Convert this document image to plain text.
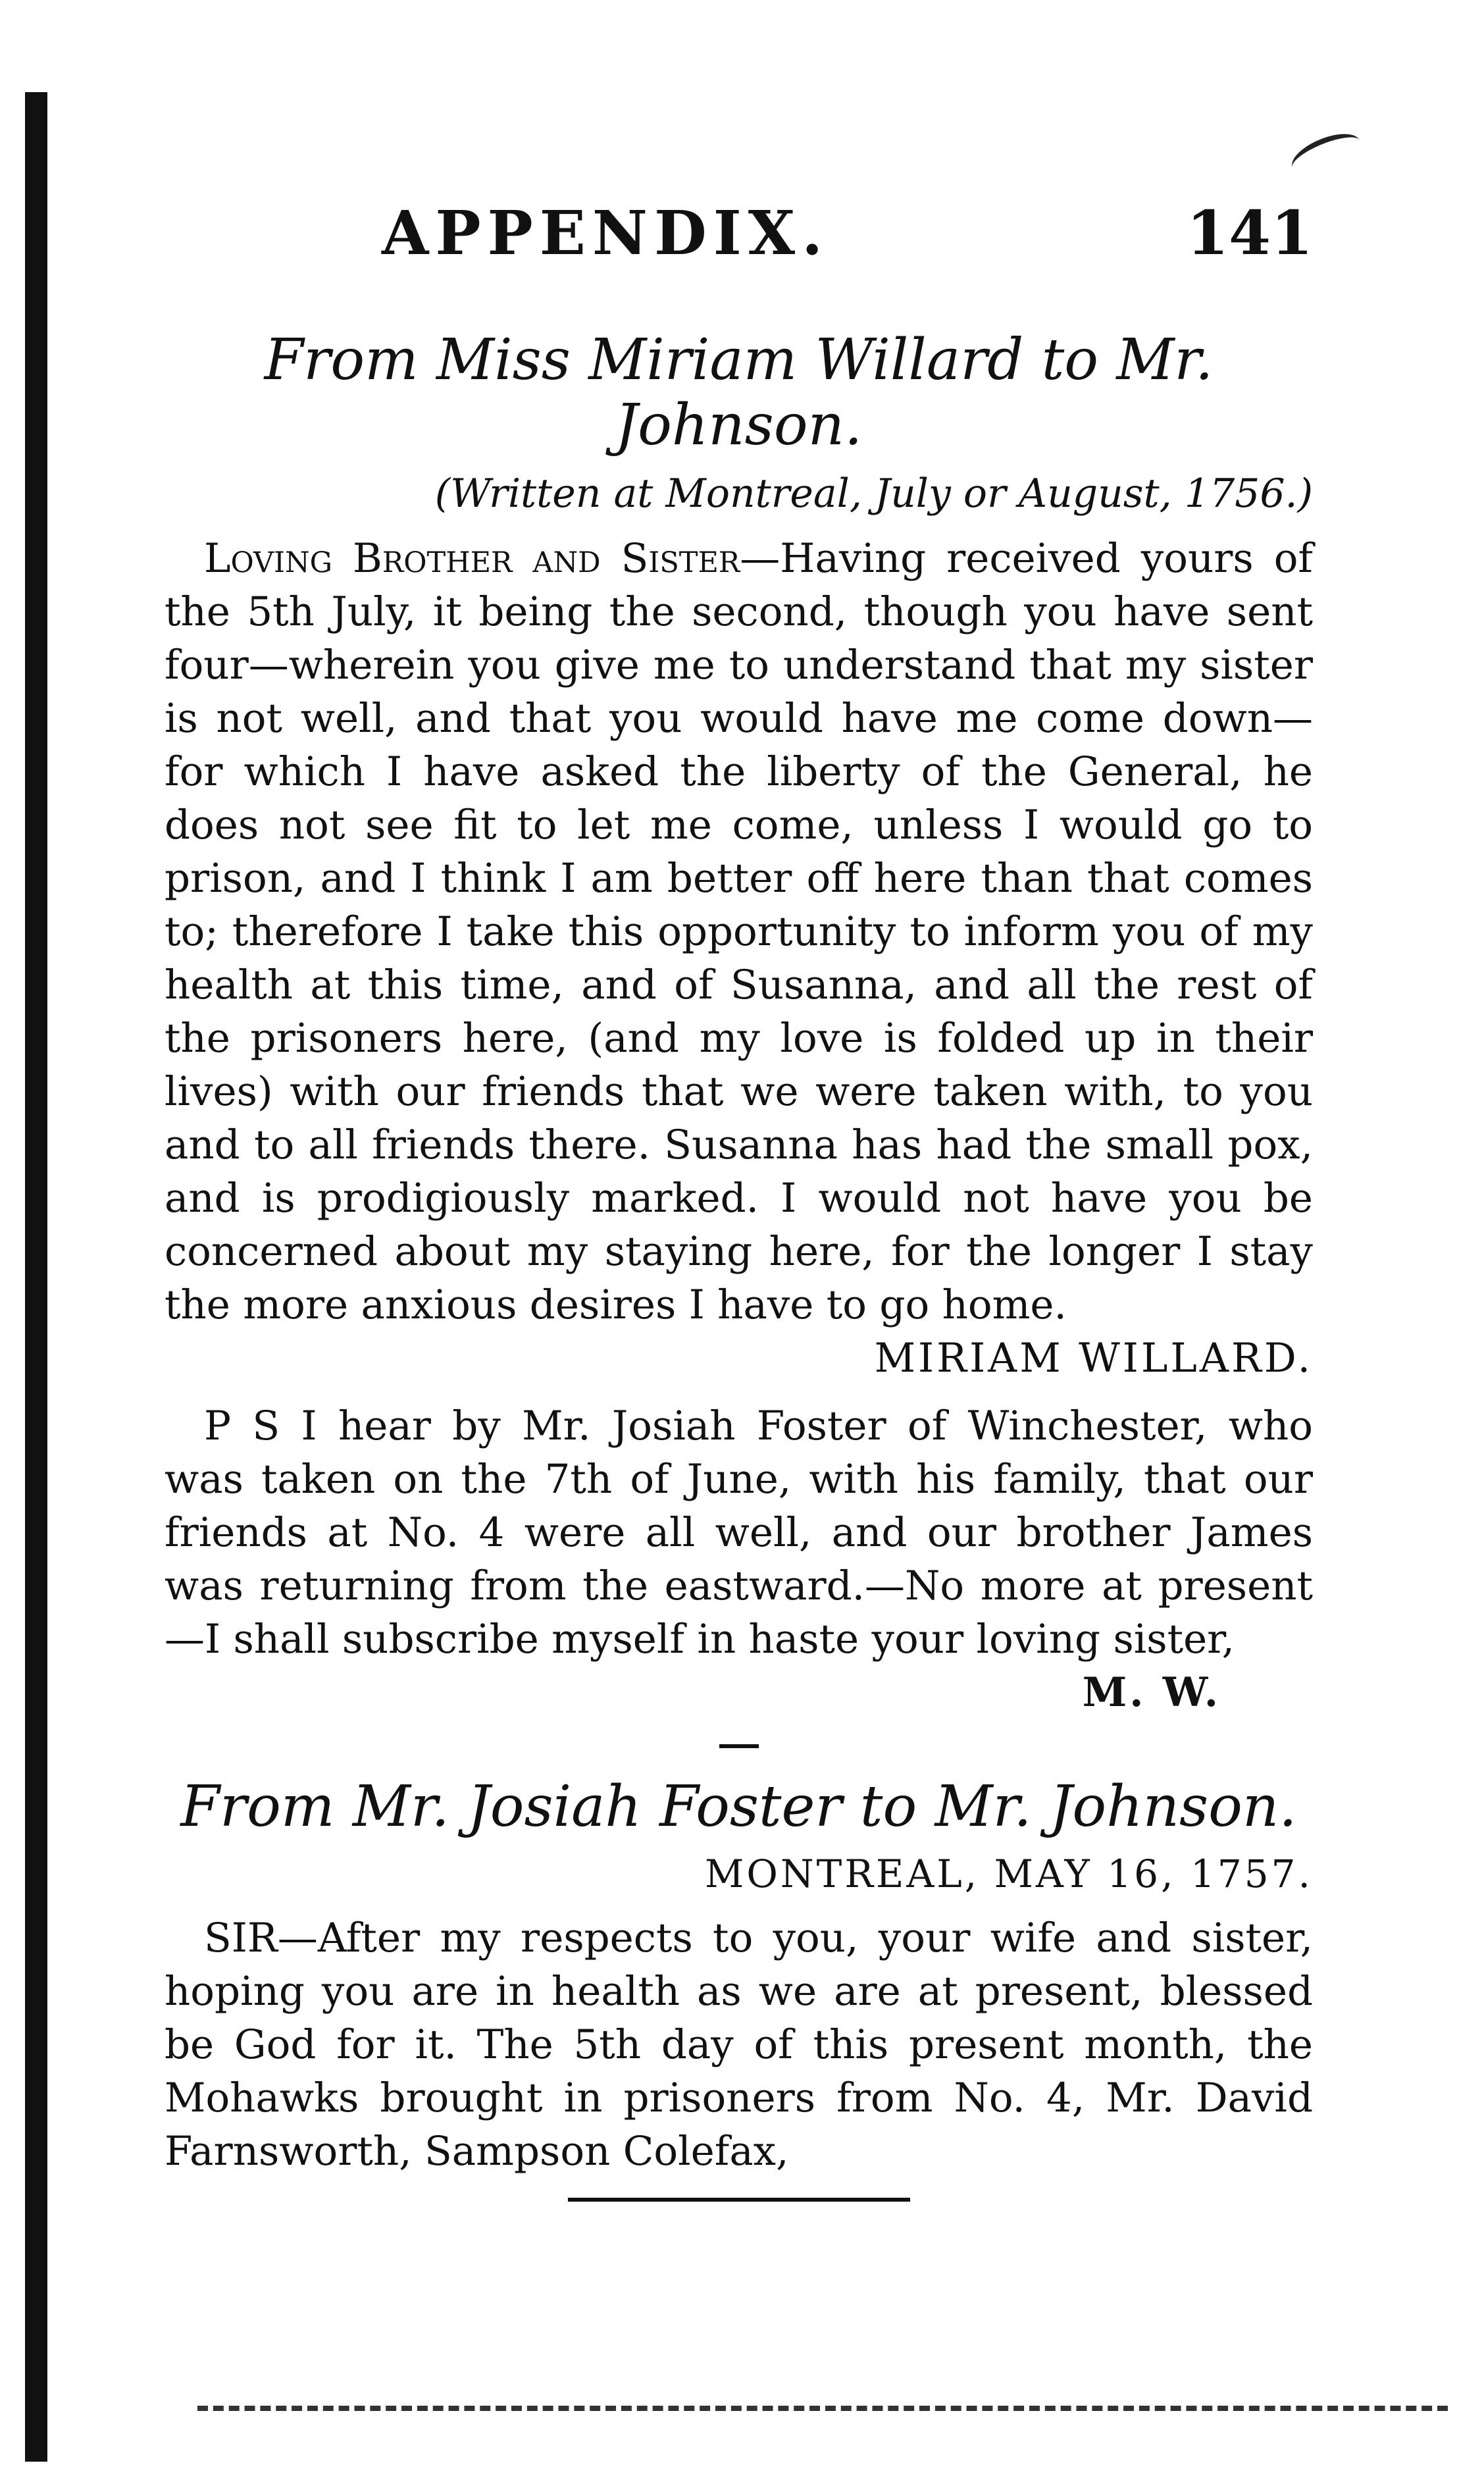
APPENDIX.	141

From Miss Miriam Willard to Mr. Johnson.

(Written at Montreal, July or August, 1756.)

Loving Brother and Sister—Having received yours of the 5th July, it being the second, though you have sent four—wherein you give me to understand that my sister is not well, and that you would have me come down—for which I have asked the liberty of the General, he does not see fit to let me come, unless I would go to prison, and I think I am better off here than that comes to; therefore I take this opportunity to inform you of my health at this time, and of Susanna, and all the rest of the prisoners here, (and my love is folded up in their lives) with our friends that we were taken with, to you and to all friends there. Susanna has had the small pox, and is prodigiously marked. I would not have you be concerned about my staying here, for the longer I stay the more anxious desires I have to go home.

MIRIAM WILLARD.

P S I hear by Mr. Josiah Foster of Winchester, who was taken on the 7th of June, with his family, that our friends at No. 4 were all well, and our brother James was returning from the eastward.—No more at present—I shall subscribe myself in haste your loving sister,

M. W.

From Mr. Josiah Foster to Mr. Johnson.

MONTREAL, MAY 16, 1757.

SIR—After my respects to you, your wife and sister, hoping you are in health as we are at present, blessed be God for it. The 5th day of this present month, the Mohawks brought in prisoners from No. 4, Mr. David Farnsworth, Sampson Colefax,
